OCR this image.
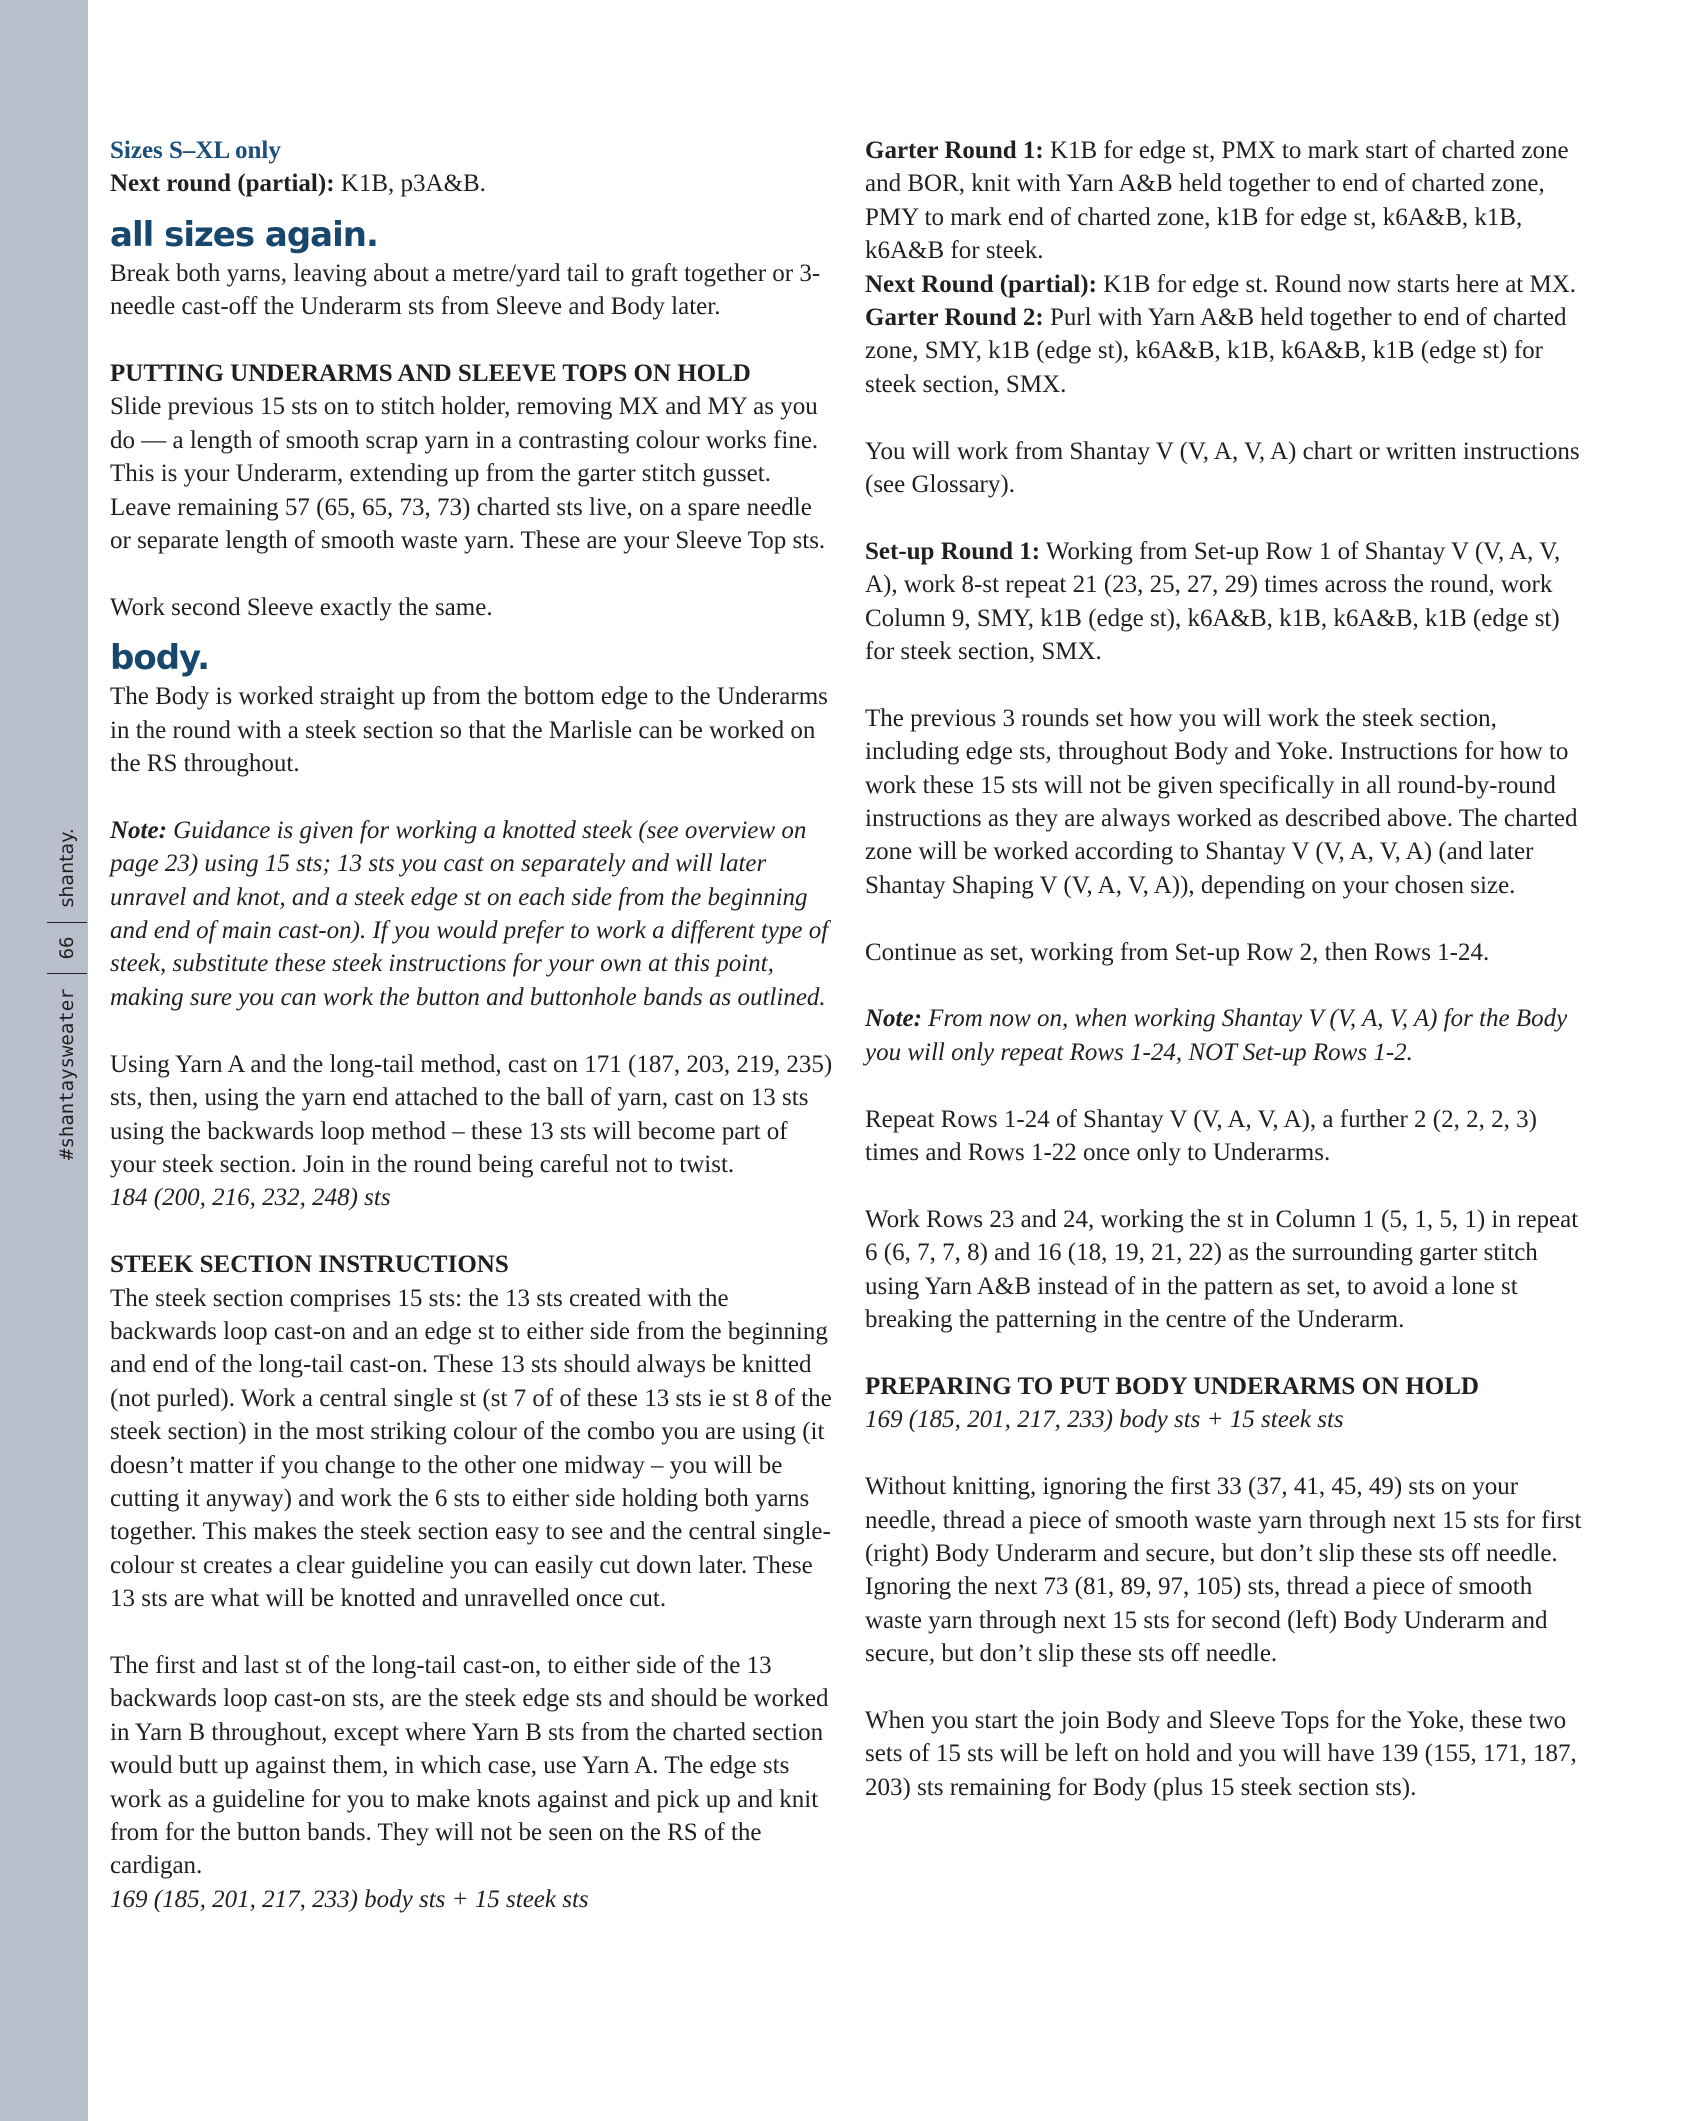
shantay.
66
#shantaysweater

Sizes S–XL only

Next round (partial): K1B, p3A&B.

all sizes again.

Break both yarns, leaving about a metre/yard tail to graft together or 3-needle cast-off the Underarm sts from Sleeve and Body later.

PUTTING UNDERARMS AND SLEEVE TOPS ON HOLD

Slide previous 15 sts on to stitch holder, removing MX and MY as you do — a length of smooth scrap yarn in a contrasting colour works fine. This is your Underarm, extending up from the garter stitch gusset. Leave remaining 57 (65, 65, 73, 73) charted sts live, on a spare needle or separate length of smooth waste yarn. These are your Sleeve Top sts.

Work second Sleeve exactly the same.

body.

The Body is worked straight up from the bottom edge to the Underarms in the round with a steek section so that the Marlisle can be worked on the RS throughout.

Note: Guidance is given for working a knotted steek (see overview on page 23) using 15 sts; 13 sts you cast on separately and will later unravel and knot, and a steek edge st on each side from the beginning and end of main cast-on). If you would prefer to work a different type of steek, substitute these steek instructions for your own at this point, making sure you can work the button and buttonhole bands as outlined.

Using Yarn A and the long-tail method, cast on 171 (187, 203, 219, 235) sts, then, using the yarn end attached to the ball of yarn, cast on 13 sts using the backwards loop method – these 13 sts will become part of your steek section. Join in the round being careful not to twist.

184 (200, 216, 232, 248) sts

STEEK SECTION INSTRUCTIONS

The steek section comprises 15 sts: the 13 sts created with the backwards loop cast-on and an edge st to either side from the beginning and end of the long-tail cast-on. These 13 sts should always be knitted (not purled). Work a central single st (st 7 of of these 13 sts ie st 8 of the steek section) in the most striking colour of the combo you are using (it doesn’t matter if you change to the other one midway – you will be cutting it anyway) and work the 6 sts to either side holding both yarns together. This makes the steek section easy to see and the central single-colour st creates a clear guideline you can easily cut down later. These 13 sts are what will be knotted and unravelled once cut.

The first and last st of the long-tail cast-on, to either side of the 13 backwards loop cast-on sts, are the steek edge sts and should be worked in Yarn B throughout, except where Yarn B sts from the charted section would butt up against them, in which case, use Yarn A. The edge sts work as a guideline for you to make knots against and pick up and knit from for the button bands. They will not be seen on the RS of the cardigan.

169 (185, 201, 217, 233) body sts + 15 steek sts

Garter Round 1: K1B for edge st, PMX to mark start of charted zone and BOR, knit with Yarn A&B held together to end of charted zone, PMY to mark end of charted zone, k1B for edge st, k6A&B, k1B, k6A&B for steek.

Next Round (partial): K1B for edge st. Round now starts here at MX.

Garter Round 2: Purl with Yarn A&B held together to end of charted zone, SMY, k1B (edge st), k6A&B, k1B, k6A&B, k1B (edge st) for steek section, SMX.

You will work from Shantay V (V, A, V, A) chart or written instructions (see Glossary).

Set-up Round 1: Working from Set-up Row 1 of Shantay V (V, A, V, A), work 8-st repeat 21 (23, 25, 27, 29) times across the round, work Column 9, SMY, k1B (edge st), k6A&B, k1B, k6A&B, k1B (edge st) for steek section, SMX.

The previous 3 rounds set how you will work the steek section, including edge sts, throughout Body and Yoke. Instructions for how to work these 15 sts will not be given specifically in all round-by-round instructions as they are always worked as described above. The charted zone will be worked according to Shantay V (V, A, V, A) (and later Shantay Shaping V (V, A, V, A)), depending on your chosen size.

Continue as set, working from Set-up Row 2, then Rows 1-24.

Note: From now on, when working Shantay V (V, A, V, A) for the Body you will only repeat Rows 1-24, NOT Set-up Rows 1-2.

Repeat Rows 1-24 of Shantay V (V, A, V, A), a further 2 (2, 2, 2, 3) times and Rows 1-22 once only to Underarms.

Work Rows 23 and 24, working the st in Column 1 (5, 1, 5, 1) in repeat 6 (6, 7, 7, 8) and 16 (18, 19, 21, 22) as the surrounding garter stitch using Yarn A&B instead of in the pattern as set, to avoid a lone st breaking the patterning in the centre of the Underarm.

PREPARING TO PUT BODY UNDERARMS ON HOLD

169 (185, 201, 217, 233) body sts + 15 steek sts

Without knitting, ignoring the first 33 (37, 41, 45, 49) sts on your needle, thread a piece of smooth waste yarn through next 15 sts for first (right) Body Underarm and secure, but don’t slip these sts off needle. Ignoring the next 73 (81, 89, 97, 105) sts, thread a piece of smooth waste yarn through next 15 sts for second (left) Body Underarm and secure, but don’t slip these sts off needle.

When you start the join Body and Sleeve Tops for the Yoke, these two sets of 15 sts will be left on hold and you will have 139 (155, 171, 187, 203) sts remaining for Body (plus 15 steek section sts).
